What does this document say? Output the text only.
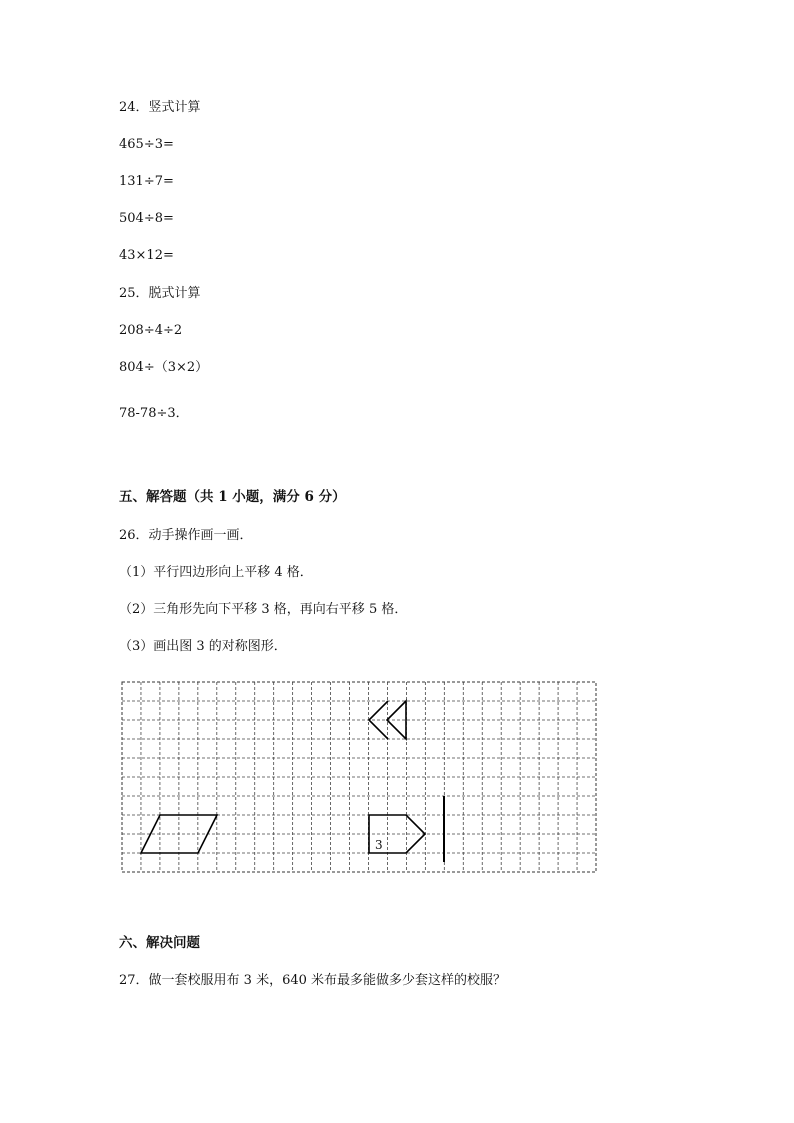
24．竖式计算
465÷3=
131÷7=
504÷8=
43×12=
25．脱式计算
208÷4÷2
804÷（3×2）
78-78÷3．
五、解答题（共 1 小题，满分 6 分）
26．动手操作画一画．
（1）平行四边形向上平移 4 格．
（2）三角形先向下平移 3 格，再向右平移 5 格．
（3）画出图 3 的对称图形．
3
六、解决问题
27．做一套校服用布 3 米，640 米布最多能做多少套这样的校服？
